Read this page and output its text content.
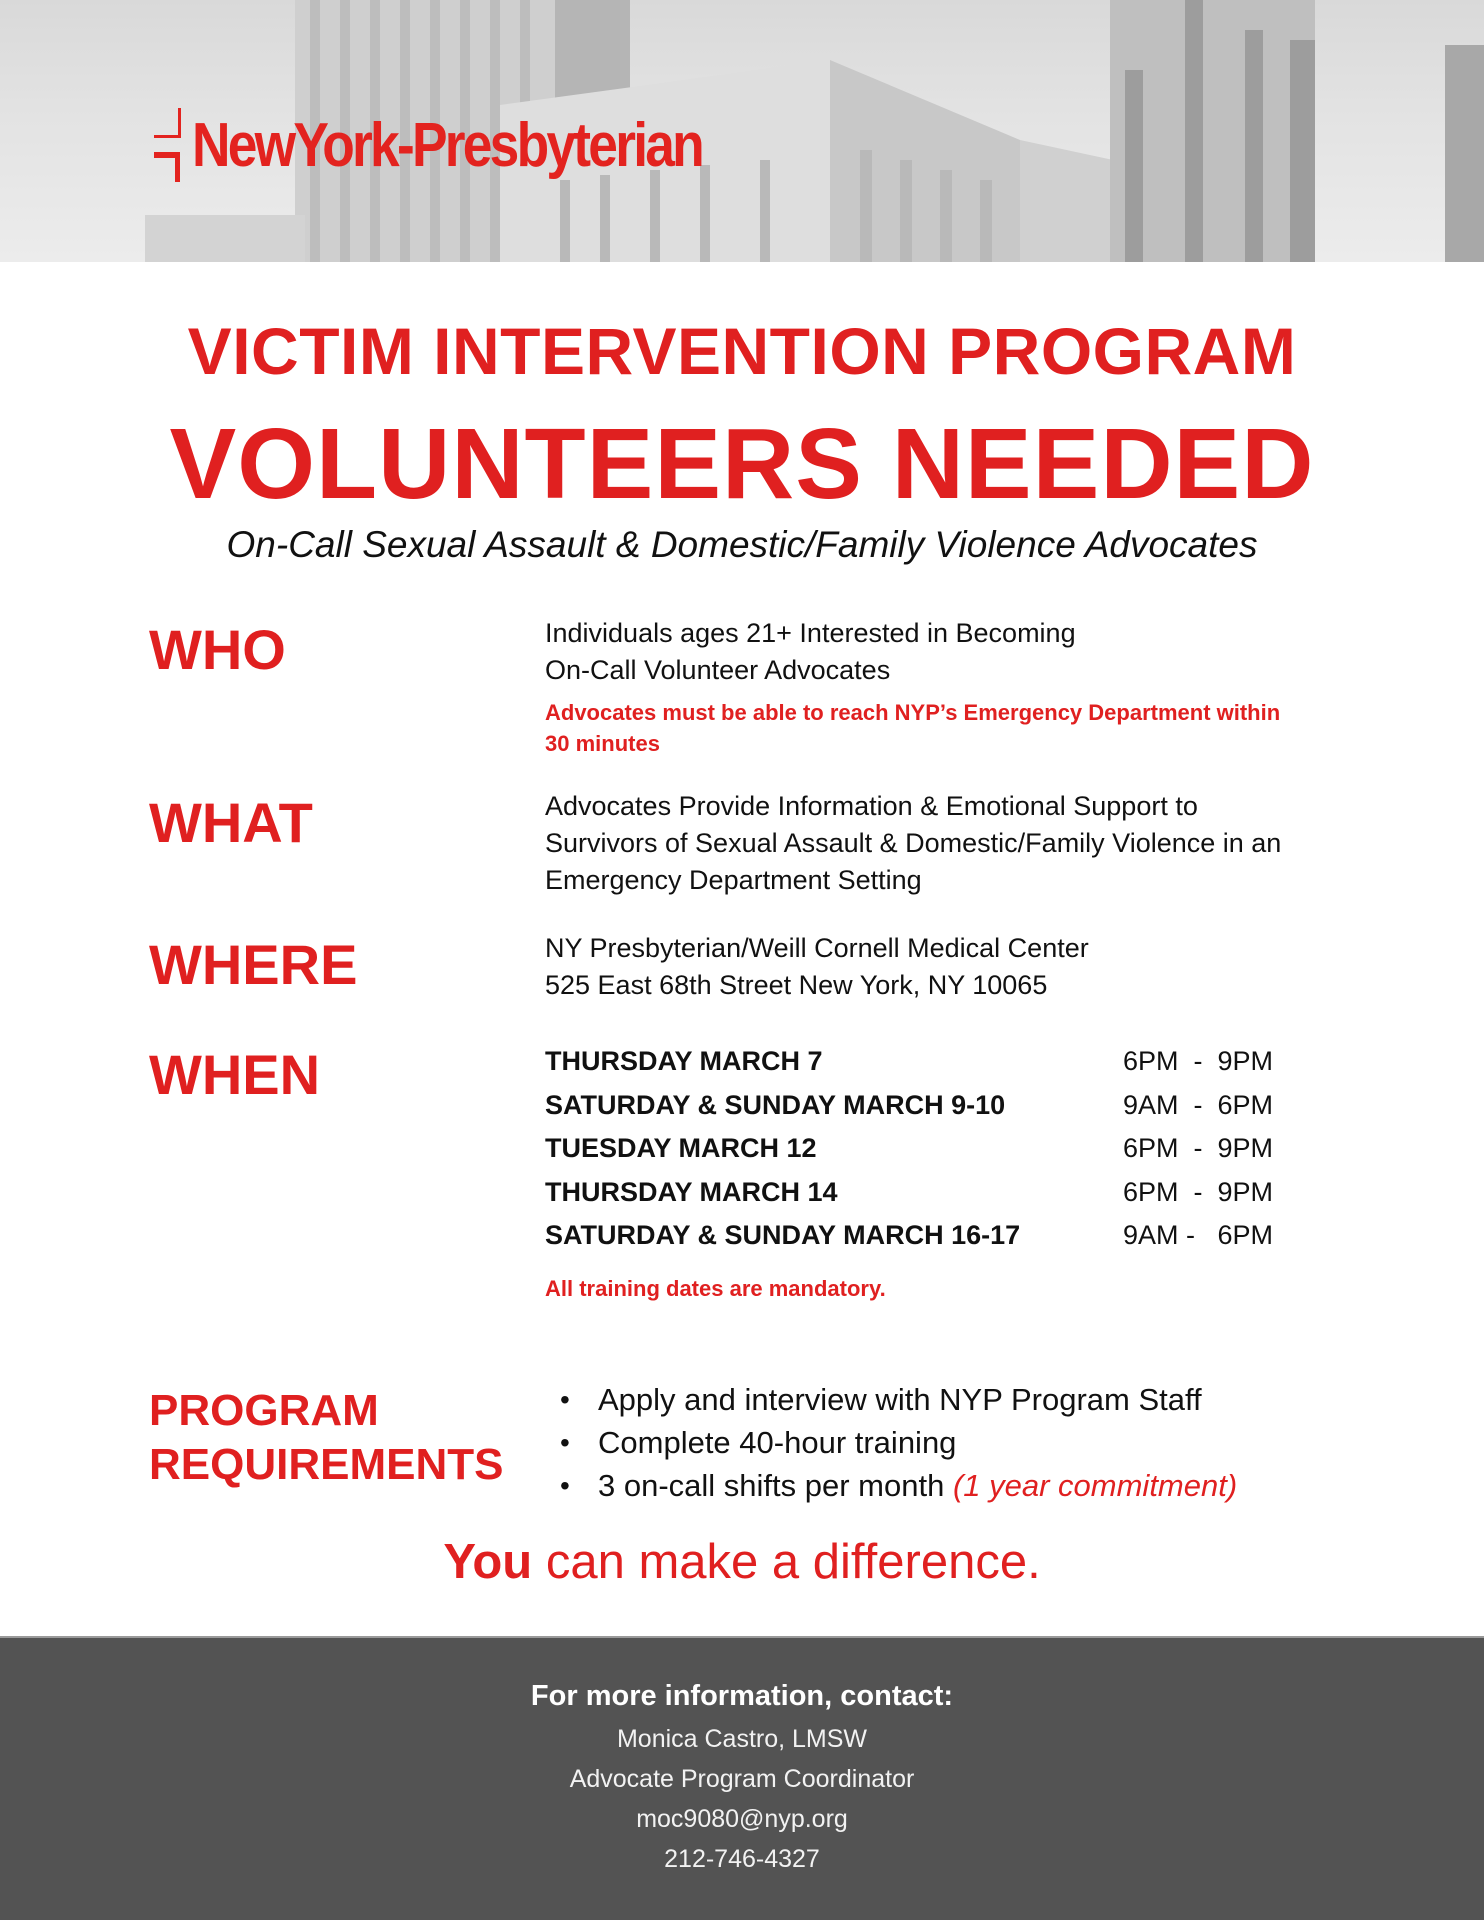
NewYork-Presbyterian
VICTIM INTERVENTION PROGRAM
VOLUNTEERS NEEDED
On-Call Sexual Assault & Domestic/Family Violence Advocates
WHO	Individuals ages 21+ Interested in Becoming
On-Call Volunteer Advocates
Advocates must be able to reach NYP’s Emergency Department within
30 minutes
WHAT	Advocates Provide Information & Emotional Support to
Survivors of Sexual Assault & Domestic/Family Violence in an
Emergency Department Setting
WHERE	NY Presbyterian/Weill Cornell Medical Center
525 East 68th Street New York, NY 10065
WHEN	THURSDAY MARCH 7	6PM  -  9PM
SATURDAY & SUNDAY MARCH 9-10	9AM  -  6PM
TUESDAY MARCH 12	6PM  -  9PM
THURSDAY MARCH 14	6PM  -  9PM
SATURDAY & SUNDAY MARCH 16-17	9AM -   6PM
All training dates are mandatory.
PROGRAM
REQUIREMENTS
• Apply and interview with NYP Program Staff
• Complete 40-hour training
• 3 on-call shifts per month (1 year commitment)
You can make a difference.
For more information, contact:
Monica Castro, LMSW
Advocate Program Coordinator
moc9080@nyp.org
212-746-4327
